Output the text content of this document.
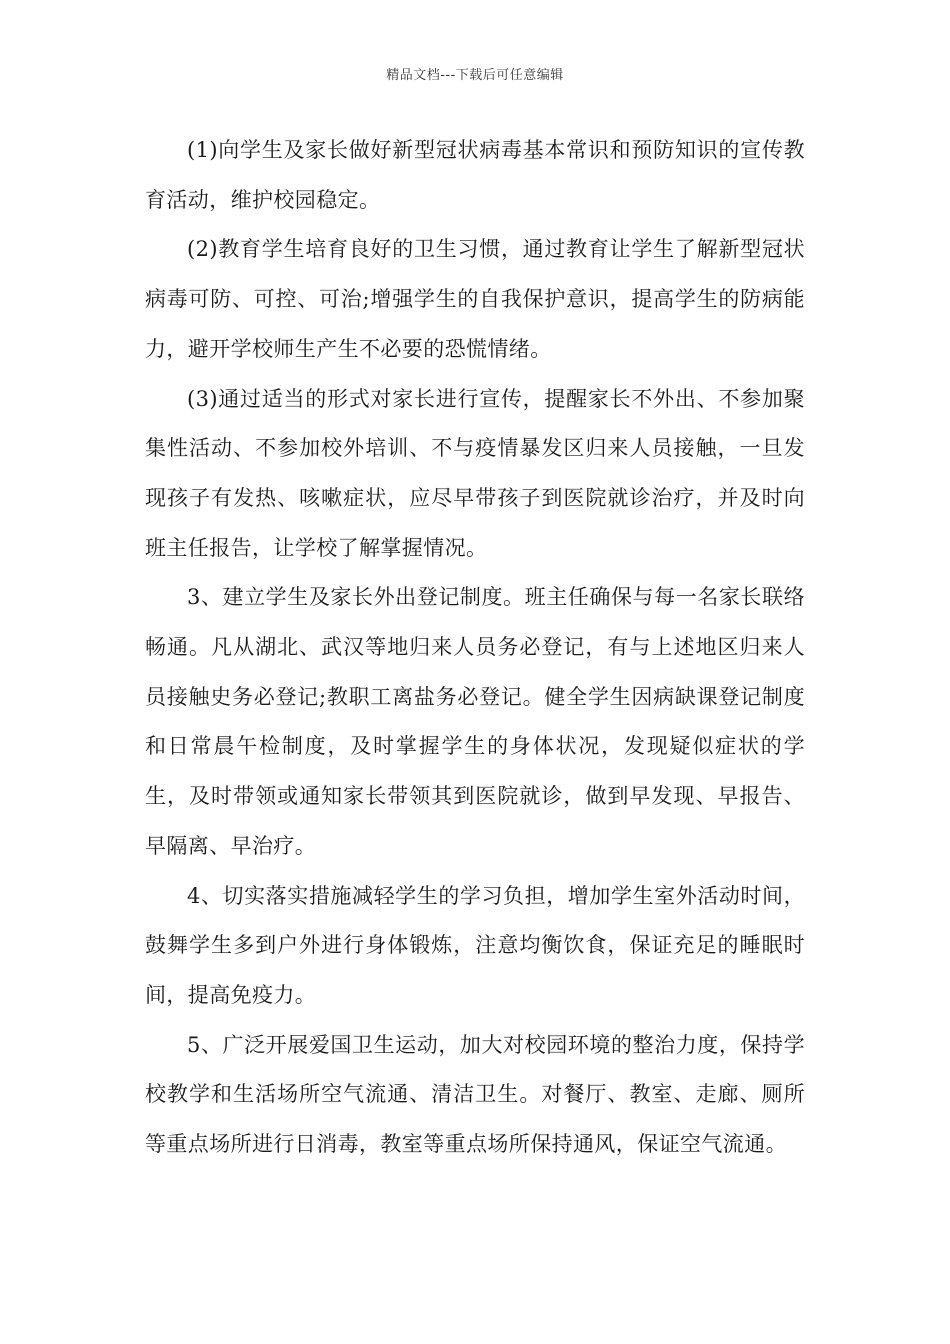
精品文档---下载后可任意编辑

(1)向学生及家长做好新型冠状病毒基本常识和预防知识的宣传教育活动，维护校园稳定。

(2)教育学生培育良好的卫生习惯，通过教育让学生了解新型冠状病毒可防、可控、可治;增强学生的自我保护意识，提高学生的防病能力，避开学校师生产生不必要的恐慌情绪。

(3)通过适当的形式对家长进行宣传，提醒家长不外出、不参加聚集性活动、不参加校外培训、不与疫情暴发区归来人员接触，一旦发现孩子有发热、咳嗽症状，应尽早带孩子到医院就诊治疗，并及时向班主任报告，让学校了解掌握情况。

3、建立学生及家长外出登记制度。班主任确保与每一名家长联络畅通。凡从湖北、武汉等地归来人员务必登记，有与上述地区归来人员接触史务必登记;教职工离盐务必登记。健全学生因病缺课登记制度和日常晨午检制度，及时掌握学生的身体状况，发现疑似症状的学生，及时带领或通知家长带领其到医院就诊，做到早发现、早报告、早隔离、早治疗。

4、切实落实措施减轻学生的学习负担，增加学生室外活动时间，鼓舞学生多到户外进行身体锻炼，注意均衡饮食，保证充足的睡眠时间，提高免疫力。

5、广泛开展爱国卫生运动，加大对校园环境的整治力度，保持学校教学和生活场所空气流通、清洁卫生。对餐厅、教室、走廊、厕所等重点场所进行日消毒，教室等重点场所保持通风，保证空气流通。
